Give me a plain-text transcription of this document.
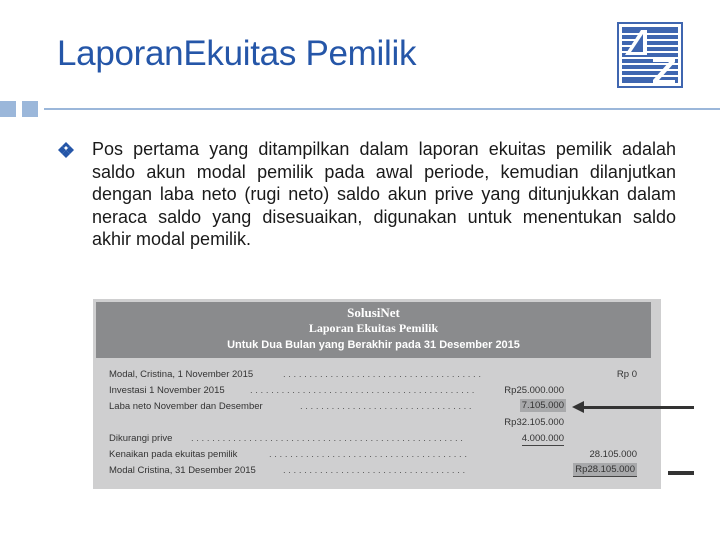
LaporanEkuitas Pemilik
Pos pertama yang ditampilkan dalam laporan ekuitas pemilik adalah saldo akun modal pemilik pada awal periode, kemudian dilanjutkan dengan laba neto (rugi neto) saldo akun prive yang ditunjukkan dalam neraca saldo yang disesuaikan, digunakan untuk menentukan saldo akhir modal pemilik.
SolusiNet
Laporan Ekuitas Pemilik
Untuk Dua Bulan yang Berakhir pada 31 Desember 2015
Modal, Cristina, 1 November 2015	. . . . . . . . . . . . . . . . . . . . . . . . . . . . . . . . . . . . . .	Rp 0
Investasi 1 November 2015	. . . . . . . . . . . . . . . . . . . . . . . . . . . . . . . . . . . . . . . . . . .	Rp25.000.000
Laba neto November dan Desember	. . . . . . . . . . . . . . . . . . . . . . . . . . . . . . . . .	7.105.000
Rp32.105.000
Dikurangi prive . . . . . . . . . . . . . . . . . . . . . . . . . . . . . . . . . . . . . . . . . . . . . . . . . . . .	4.000.000
Kenaikan pada ekuitas pemilik	. . . . . . . . . . . . . . . . . . . . . . . . . . . . . . . . . . . . . .	28.105.000
Modal Cristina, 31 Desember 2015	. . . . . . . . . . . . . . . . . . . . . . . . . . . . . . . . . . .	Rp28.105.000
